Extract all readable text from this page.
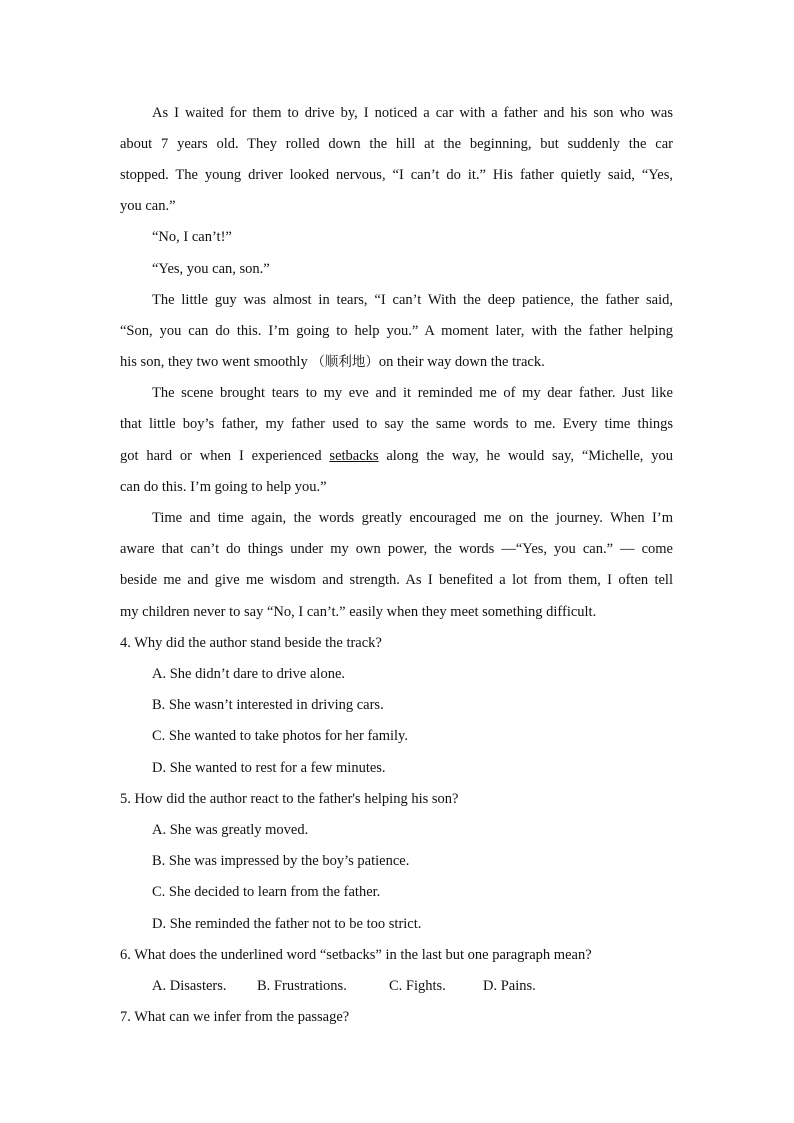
As I waited for them to drive by, I noticed a car with a father and his son who was
about 7 years old. They rolled down the hill at the beginning, but suddenly the car
stopped. The young driver looked nervous, “I can’t do it.” His father quietly said, “Yes,
you can.”
“No, I can’t!”
“Yes, you can, son.”
The little guy was almost in tears, “I can’t With the deep patience, the father said,
“Son, you can do this. I’m going to help you.” A moment later, with the father helping
his son, they two went smoothly （顺利地）on their way down the track.
The scene brought tears to my eve and it reminded me of my dear father. Just like
that little boy’s father, my father used to say the same words to me. Every time things
got hard or when I experienced setbacks along the way, he would say, “Michelle, you
can do this. I’m going to help you.”
Time and time again, the words greatly encouraged me on the journey. When I’m
aware that can’t do things under my own power, the words —“Yes, you can.” — come
beside me and give me wisdom and strength. As I benefited a lot from them, I often tell
my children never to say “No, I can’t.” easily when they meet something difficult.
4. Why did the author stand beside the track?
A. She didn’t dare to drive alone.
B. She wasn’t interested in driving cars.
C. She wanted to take photos for her family.
D. She wanted to rest for a few minutes.
5. How did the author react to the father's helping his son?
A. She was greatly moved.
B. She was impressed by the boy’s patience.
C. She decided to learn from the father.
D. She reminded the father not to be too strict.
6. What does the underlined word “setbacks” in the last but one paragraph mean?
A. Disasters. B. Frustrations.	C. Fights.	D. Pains.
7. What can we infer from the passage?
